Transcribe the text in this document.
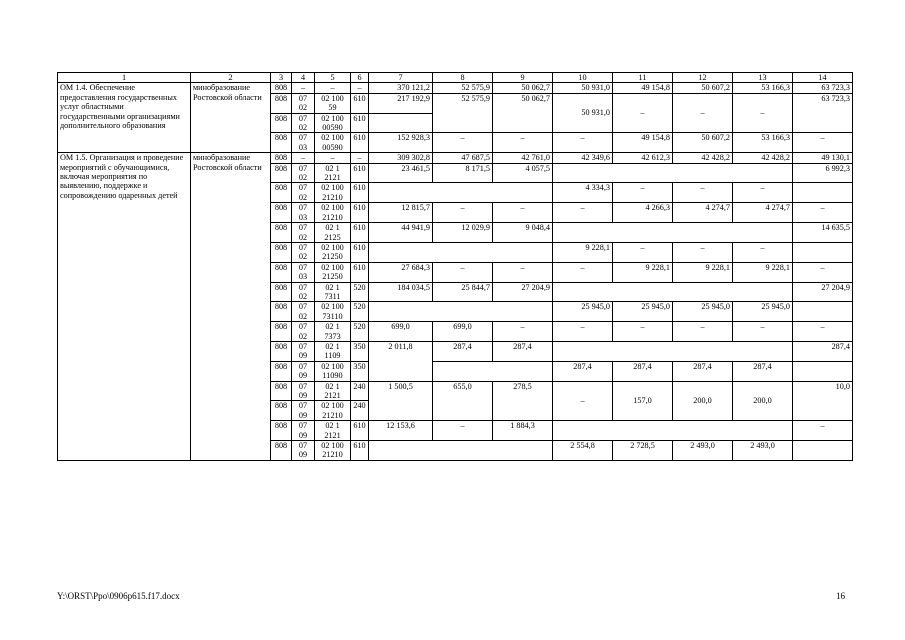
1	2	3	4	5	6	7	8	9	10	11	12	13	14
ОМ 1.4. Обеспечение предоставления государственных услуг областными государственными организациями дополнительного образования	минобразование Ростовской области	808	–	–	–	370 121,2	52 575,9	50 062,7	50 931,0	49 154,8	50 607,2	53 166,3	63 723,3
		808	07 02	02 100 59	610	217 192,9	52 575,9	50 062,7	50 931,0	–	–	–	63 723,3
		808	07 02	02 100 00590	610								
		808	07 03	02 100 00590	610	152 928,3	–	–	–	49 154,8	50 607,2	53 166,3	–

ОМ 1.5. Организация и проведение мероприятий с обучающимися, включая мероприятия по выявлению, поддержке и сопровождению одаренных детей	минобразование Ростовской области	808	–	–	–	309 302,8	47 687,5	42 761,0	42 349,6	42 612,3	42 428,2	42 428,2	49 130,1
		808	07 02	02 1 2121	610	23 461,5	8 171,5	4 057,5					6 992,3
		808	07 02	02 100 21210	610				4 334,3	–	–	–	
		808	07 03	02 100 21210	610	12 815,7	–	–	–	4 266,3	4 274,7	4 274,7	–
		808	07 02	02 1 2125	610	44 941,9	12 029,9	9 048,4					14 635,5
		808	07 02	02 100 21250	610				9 228,1	–	–	–	
		808	07 03	02 100 21250	610	27 684,3	–	–	–	9 228,1	9 228,1	9 228,1	–
		808	07 02	02 1 7311	520	184 034,5	25 844,7	27 204,9					27 204,9
		808	07 02	02 100 73110	520				25 945,0	25 945,0	25 945,0	25 945,0	
		808	07 02	02 1 7373	520	699,0	699,0	–	–	–	–	–	–
		808	07 09	02 1 1109	350	2 011,8	287,4	287,4					287,4
		808	07 09	02 100 11090	350				287,4	287,4	287,4	287,4	
		808	07 09	02 1 2121	240	1 500,5	655,0	278,5	–	157,0	200,0	200,0	10,0
		808	07 09	02 100 21210	240								
		808	07 09	02 1 2121	610	12 153,6	–	1 884,3					–
		808	07 09	02 100 21210	610				2 554,8	2 728,5	2 493,0	2 493,0	

Y:\ORST\Ppo\0906p615.f17.docx	16
